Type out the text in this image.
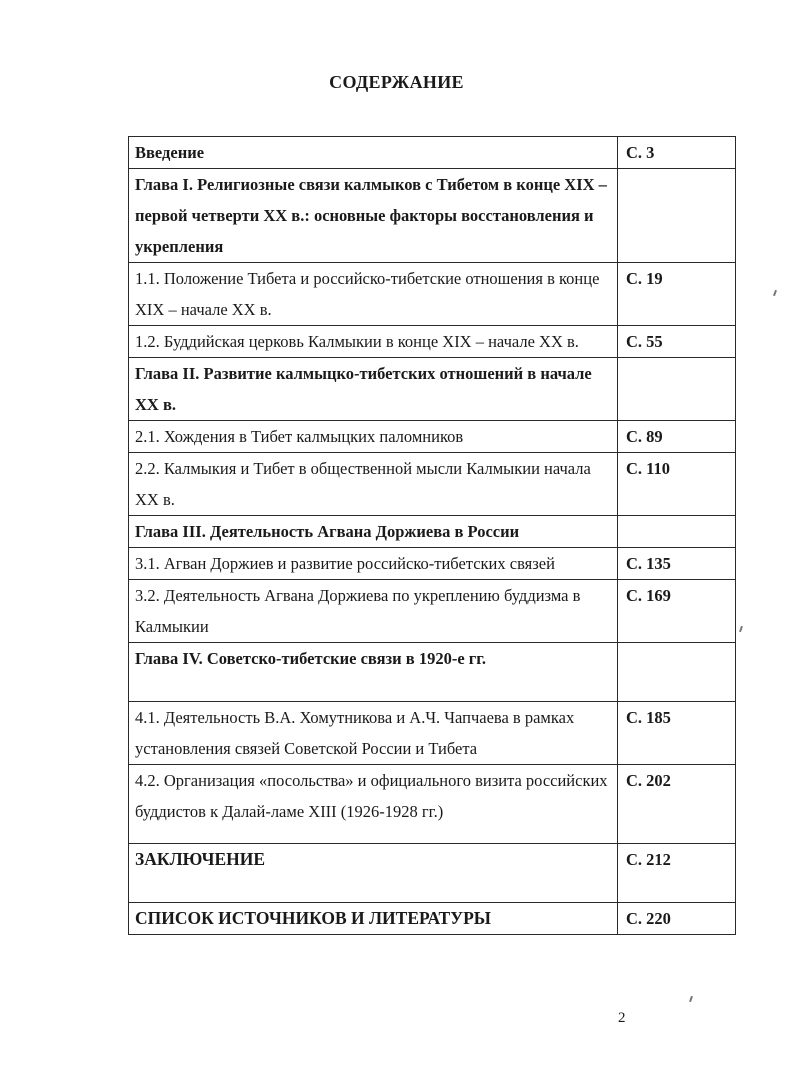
СОДЕРЖАНИЕ
Введение	С. 3
Глава I. Религиозные связи калмыков с Тибетом в конце XIX – первой четверти XX в.: основные факторы восстановления и укрепления	
1.1. Положение Тибета и российско-тибетские отношения в конце XIX – начале XX в.	С. 19
1.2. Буддийская церковь Калмыкии в конце XIX – начале XX в.	С. 55
Глава II. Развитие калмыцко-тибетских отношений в начале XX в.	
2.1. Хождения в Тибет калмыцких паломников	С. 89
2.2. Калмыкия и Тибет в общественной мысли Калмыкии начала XX в.	С. 110
Глава III. Деятельность Агвана Доржиева в России	
3.1. Агван Доржиев и развитие российско-тибетских связей	С. 135
3.2. Деятельность Агвана Доржиева по укреплению буддизма в Калмыкии	С. 169
Глава IV. Советско-тибетские связи в 1920-е гг.	
4.1. Деятельность В.А. Хомутникова и А.Ч. Чапчаева в рамках установления связей Советской России и Тибета	С. 185
4.2. Организация «посольства» и официального визита российских буддистов к Далай-ламе XIII (1926-1928 гг.)	С. 202
ЗАКЛЮЧЕНИЕ	С. 212
СПИСОК ИСТОЧНИКОВ И ЛИТЕРАТУРЫ	С. 220
2
